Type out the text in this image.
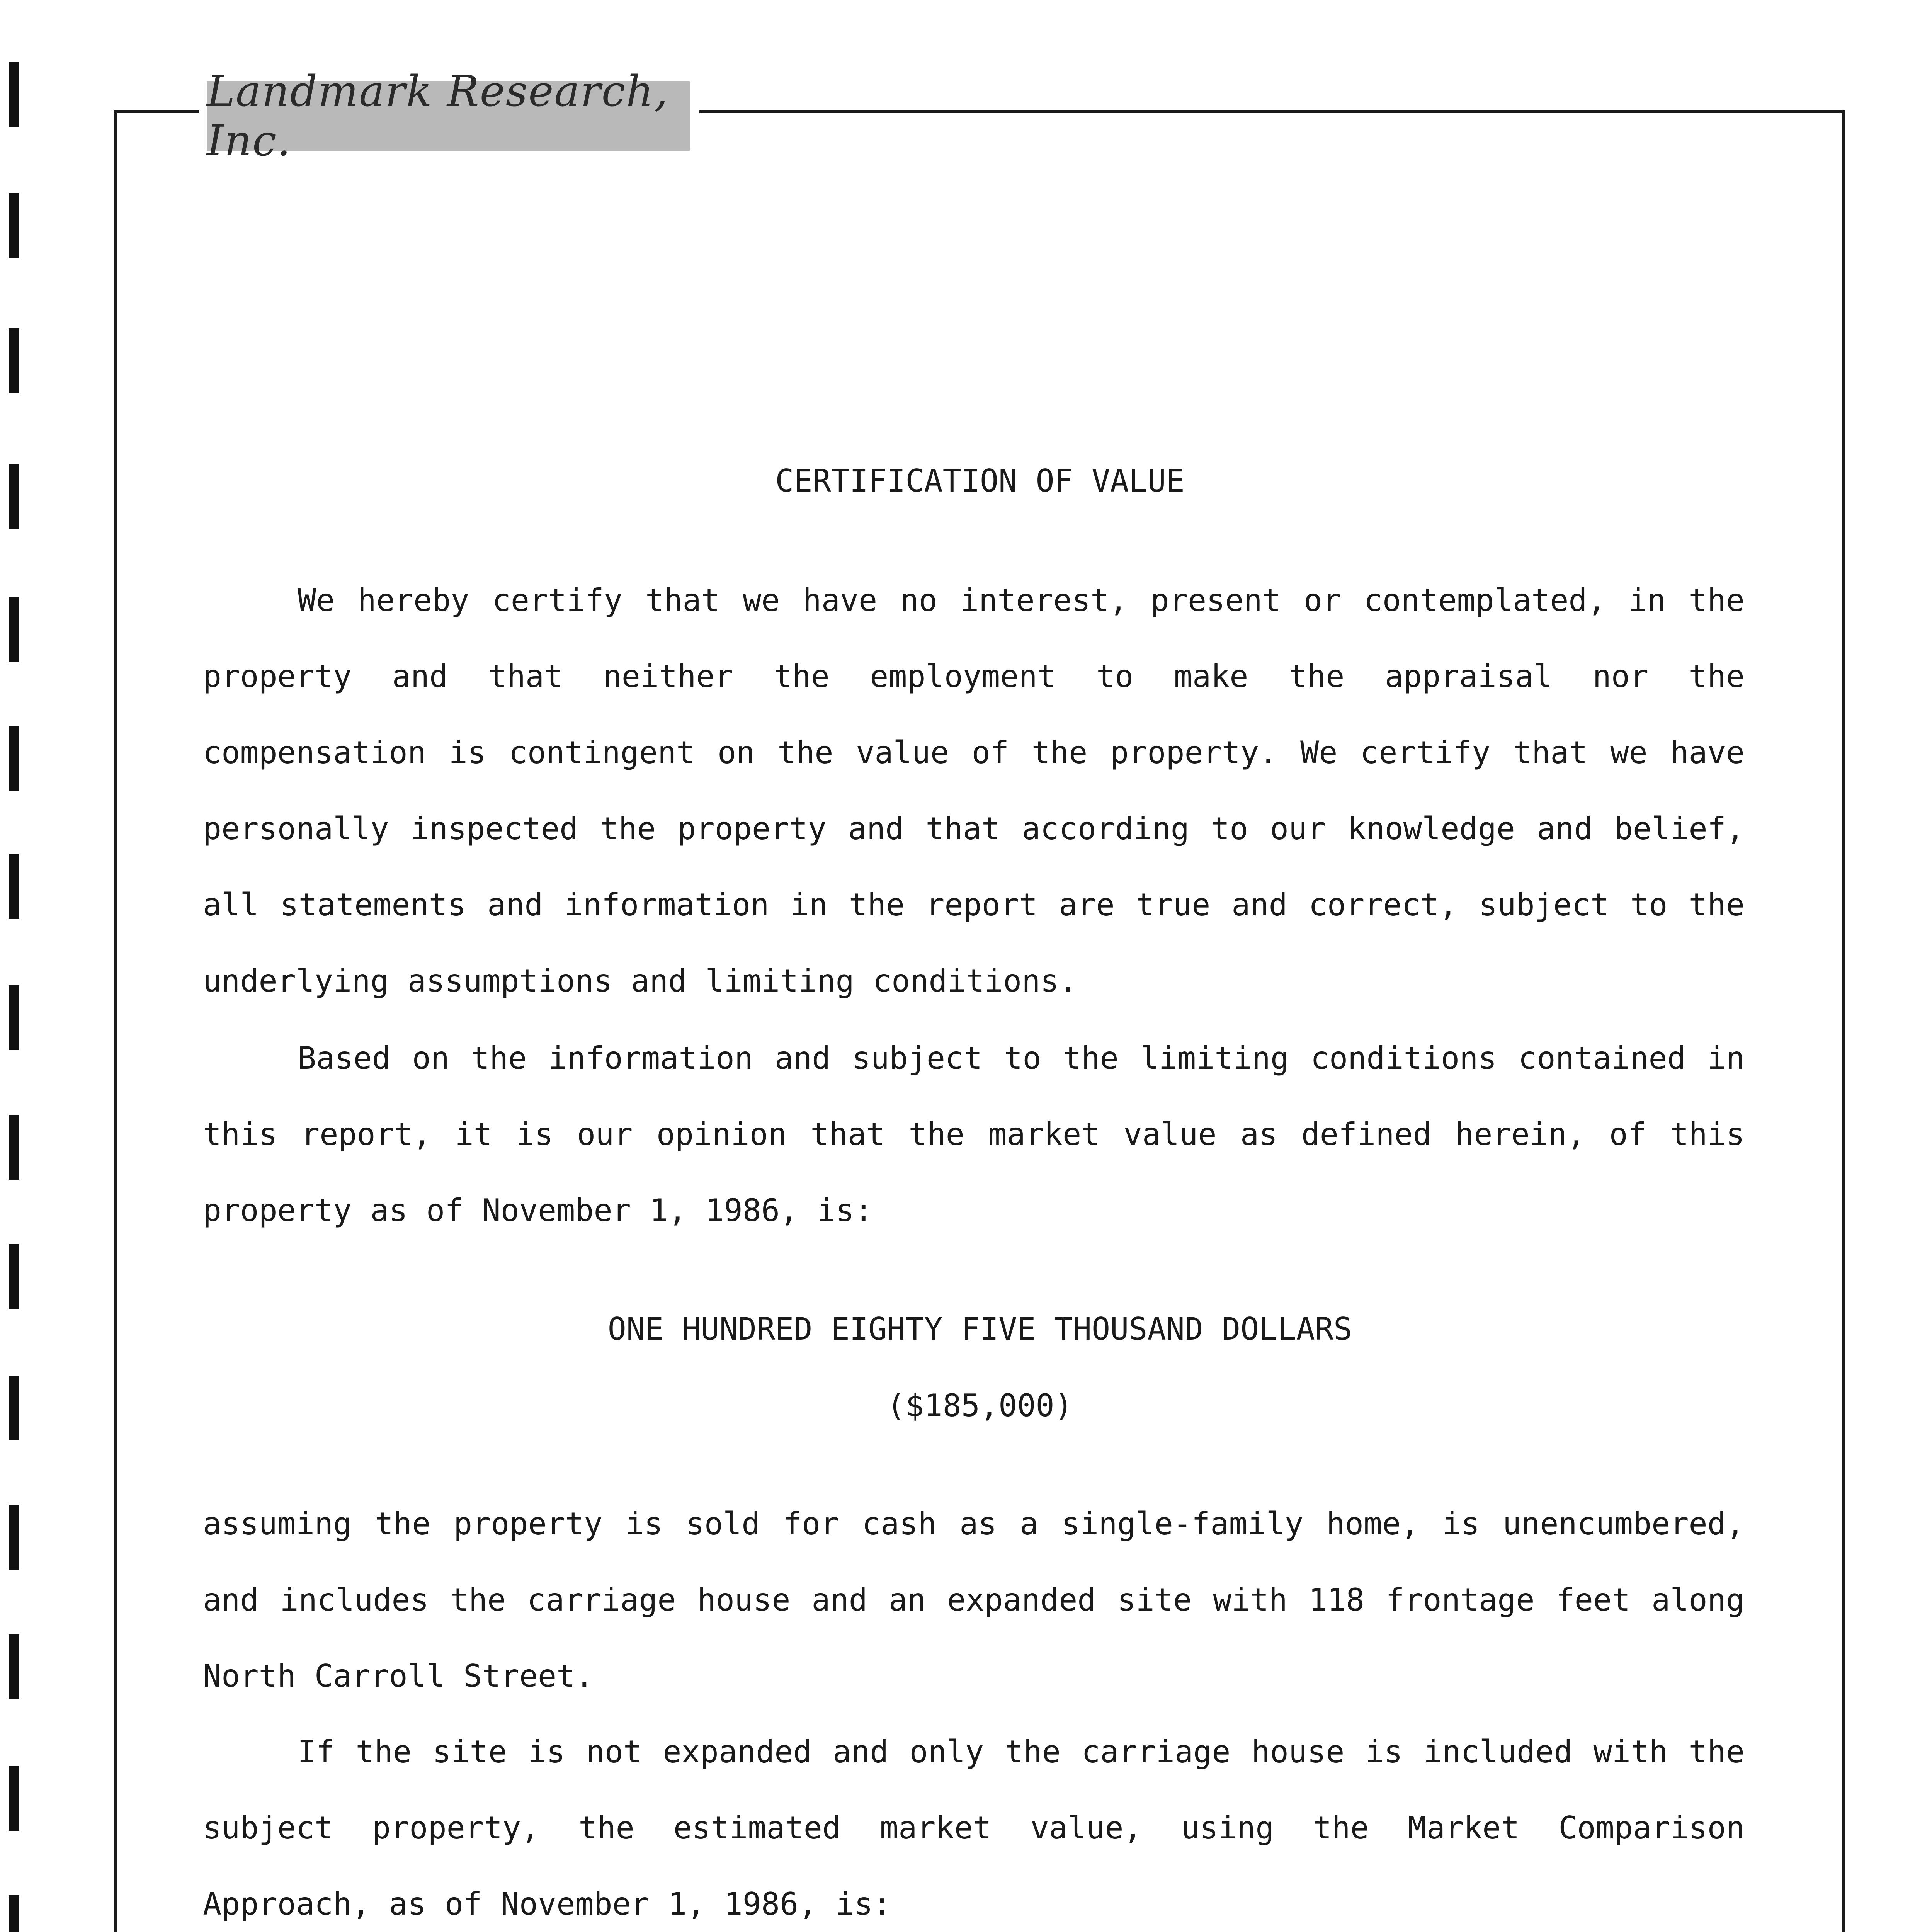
Landmark Research, Inc.
CERTIFICATION OF VALUE

We hereby certify that we have no interest, present or contemplated, in the property and that neither the employment to make the appraisal nor the compensation is contingent on the value of the property. We certify that we have personally inspected the property and that according to our knowledge and belief, all statements and information in the report are true and correct, subject to the underlying assumptions and limiting conditions.

Based on the information and subject to the limiting conditions contained in this report, it is our opinion that the market value as defined herein, of this property as of November 1, 1986, is:

ONE HUNDRED EIGHTY FIVE THOUSAND DOLLARS
($185,000)

assuming the property is sold for cash as a single-family home, is unencumbered, and includes the carriage house and an expanded site with 118 frontage feet along North Carroll Street.

If the site is not expanded and only the carriage house is included with the subject property, the estimated market value, using the Market Comparison Approach, as of November 1, 1986, is:
